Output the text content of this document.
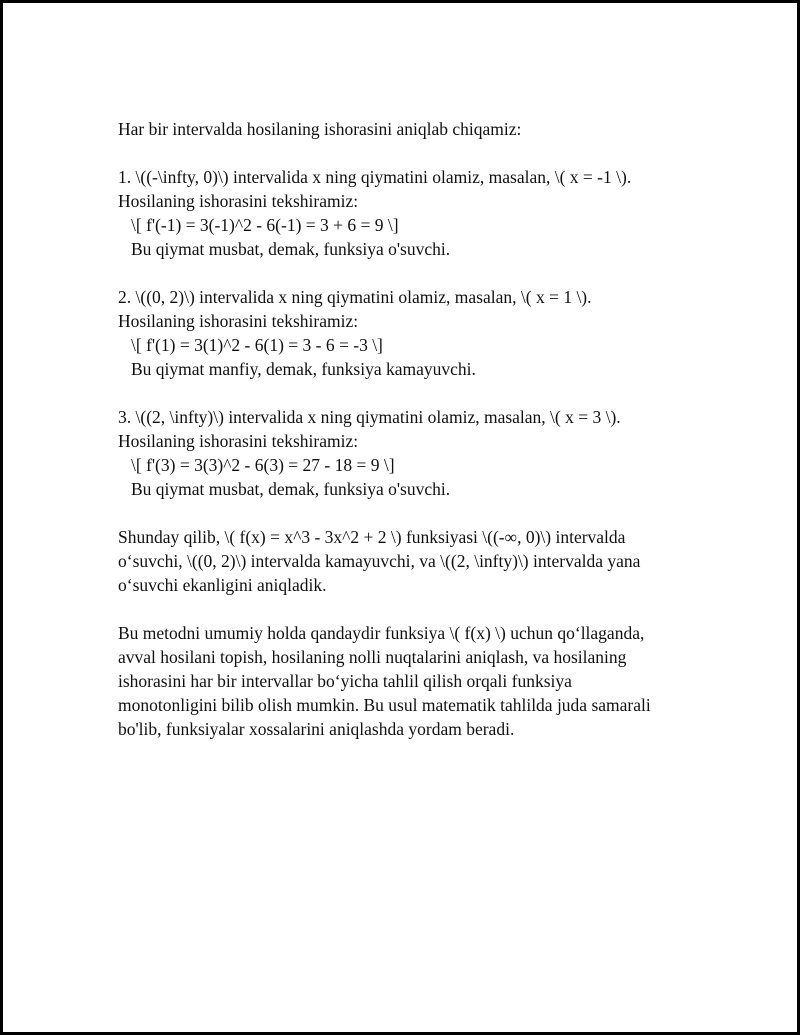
Har bir intervalda hosilaning ishorasini aniqlab chiqamiz:
1. \((-\infty, 0)\) intervalida x ning qiymatini olamiz, masalan, \( x = -1 \).
Hosilaning ishorasini tekshiramiz:
\[ f'(-1) = 3(-1)^2 - 6(-1) = 3 + 6 = 9 \]
Bu qiymat musbat, demak, funksiya o'suvchi.
2. \((0, 2)\) intervalida x ning qiymatini olamiz, masalan, \( x = 1 \).
Hosilaning ishorasini tekshiramiz:
\[ f'(1) = 3(1)^2 - 6(1) = 3 - 6 = -3 \]
Bu qiymat manfiy, demak, funksiya kamayuvchi.
3. \((2, \infty)\) intervalida x ning qiymatini olamiz, masalan, \( x = 3 \).
Hosilaning ishorasini tekshiramiz:
\[ f'(3) = 3(3)^2 - 6(3) = 27 - 18 = 9 \]
Bu qiymat musbat, demak, funksiya o'suvchi.
Shunday qilib, \( f(x) = x^3 - 3x^2 + 2 \) funksiyasi \((-∞, 0)\) intervalda
o‘suvchi, \((0, 2)\) intervalda kamayuvchi, va \((2, \infty)\) intervalda yana
o‘suvchi ekanligini aniqladik.
Bu metodni umumiy holda qandaydir funksiya \( f(x) \) uchun qo‘llaganda,
avval hosilani topish, hosilaning nolli nuqtalarini aniqlash, va hosilaning
ishorasini har bir intervallar bo‘yicha tahlil qilish orqali funksiya
monotonligini bilib olish mumkin. Bu usul matematik tahlilda juda samarali
bo'lib, funksiyalar xossalarini aniqlashda yordam beradi.
